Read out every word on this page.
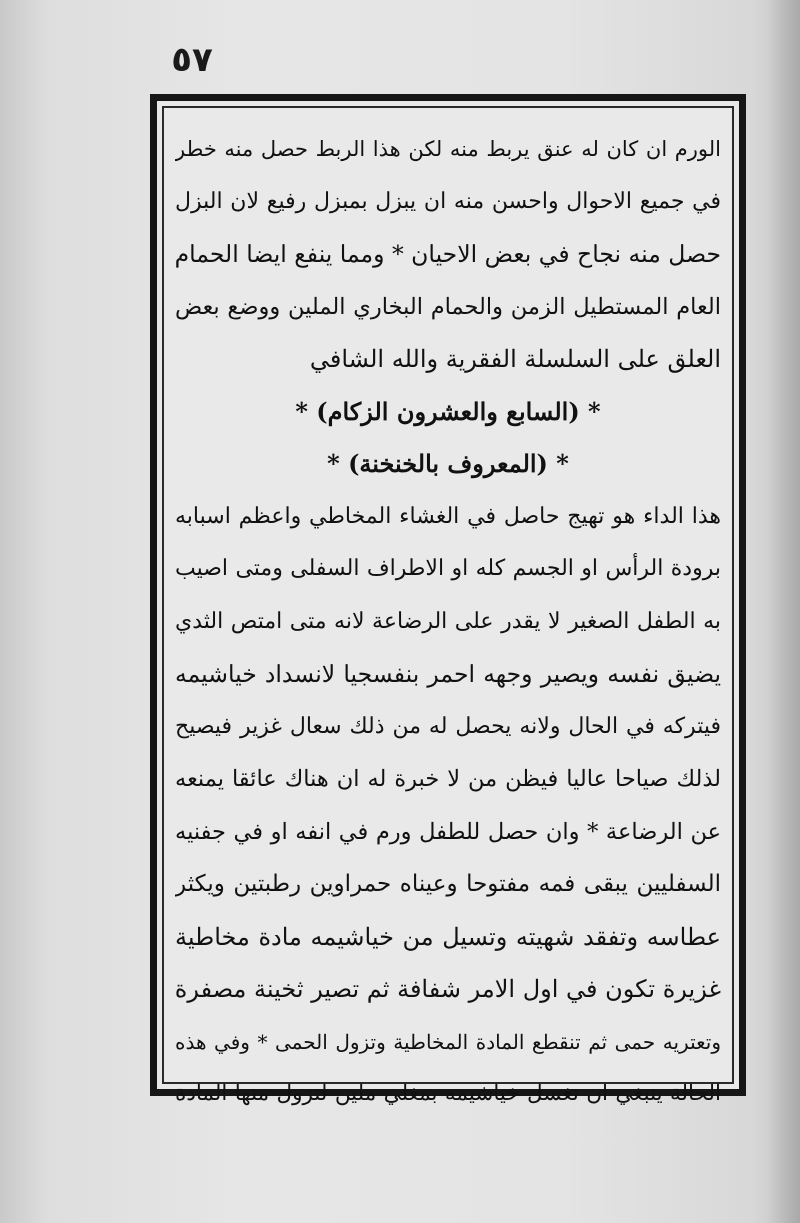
٥٧
الورم ان كان له عنق يربط منه لكن هذا الربط حصل منه خطر
في جميع الاحوال واحسن منه ان يبزل بمبزل رفيع لان البزل
حصل منه نجاح في بعض الاحيان * ومما ينفع ايضا الحمام
العام المستطيل الزمن والحمام البخاري الملين ووضع بعض
العلق على السلسلة الفقرية والله الشافي
* (السابع والعشرون الزكام) *
* (المعروف بالخنخنة) *
هذا الداء هو تهيج حاصل في الغشاء المخاطي واعظم اسبابه
برودة الرأس او الجسم كله او الاطراف السفلى ومتى اصيب
به الطفل الصغير لا يقدر على الرضاعة لانه متى امتص الثدي
يضيق نفسه ويصير وجهه احمر بنفسجيا لانسداد خياشيمه
فيتركه في الحال ولانه يحصل له من ذلك سعال غزير فيصيح
لذلك صياحا عاليا فيظن من لا خبرة له ان هناك عائقا يمنعه
عن الرضاعة * وان حصل للطفل ورم في انفه او في جفنيه
السفليين يبقى فمه مفتوحا وعيناه حمراوين رطبتين ويكثر
عطاسه وتفقد شهيته وتسيل من خياشيمه مادة مخاطية
غزيرة تكون في اول الامر شفافة ثم تصير ثخينة مصفرة
وتعتريه حمى ثم تنقطع المادة المخاطية وتزول الحمى * وفي هذه
الحالة ينبغي ان تغسل خياشيمه بمغلي ملين لتزول منها المادة
